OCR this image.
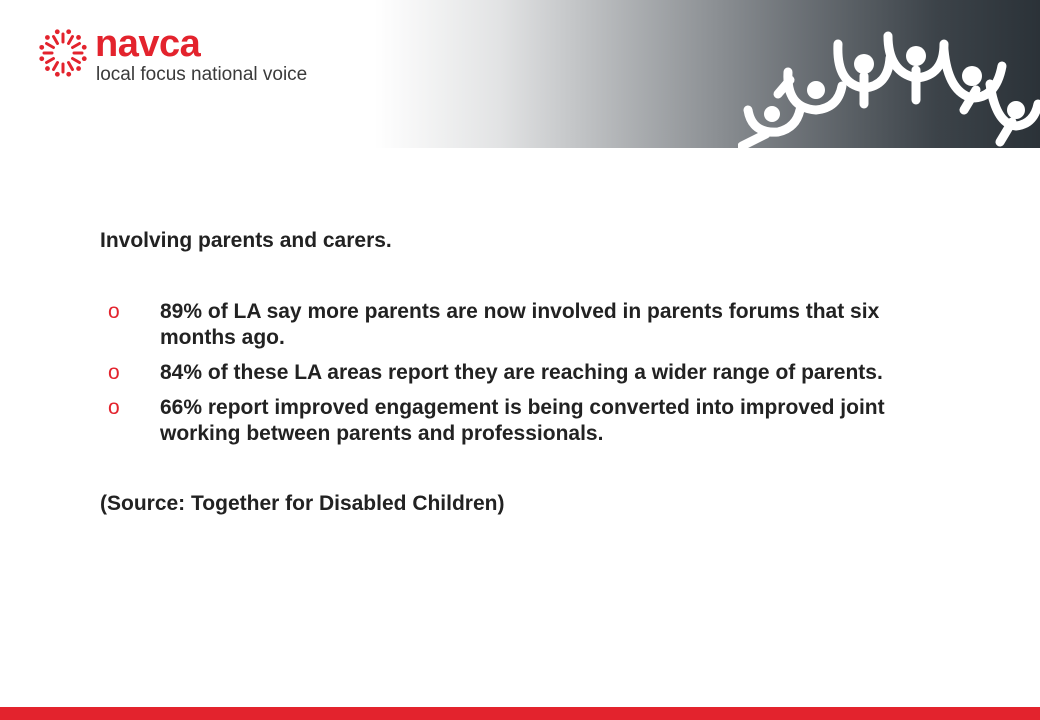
navca
local focus national voice

Involving parents and carers.

o 89% of LA say more parents are now involved in parents forums that six months ago.
o 84% of these LA areas report they are reaching a wider range of parents.
o 66% report improved engagement is being converted into improved joint working between parents and professionals.

(Source: Together for Disabled Children)
